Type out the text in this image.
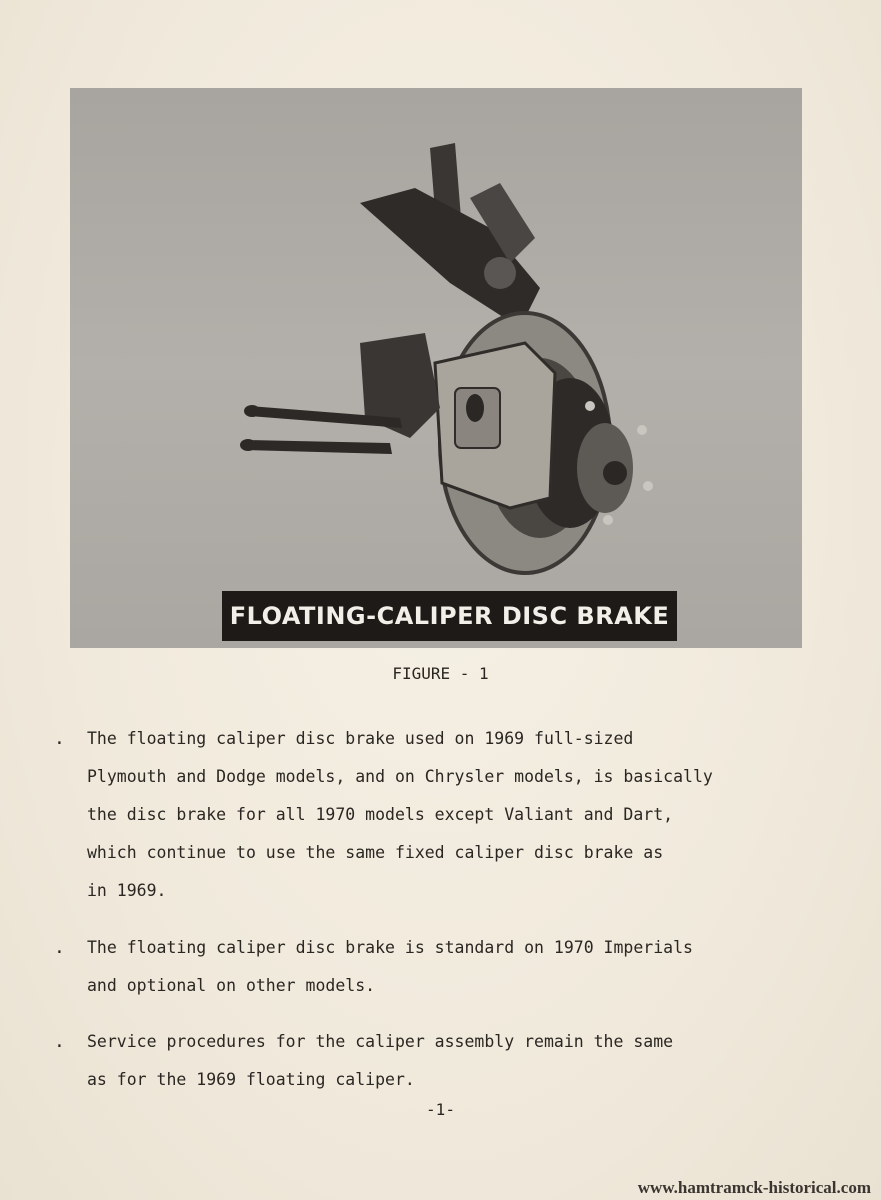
FLOATING-CALIPER DISC BRAKE
FIGURE - 1
. The floating caliper disc brake used on 1969 full-sized
Plymouth and Dodge models, and on Chrysler models, is basically
the disc brake for all 1970 models except Valiant and Dart,
which continue to use the same fixed caliper disc brake as
in 1969.
. The floating caliper disc brake is standard on 1970 Imperials
and optional on other models.
. Service procedures for the caliper assembly remain the same
as for the 1969 floating caliper.
-1-
www.hamtramck-historical.com
